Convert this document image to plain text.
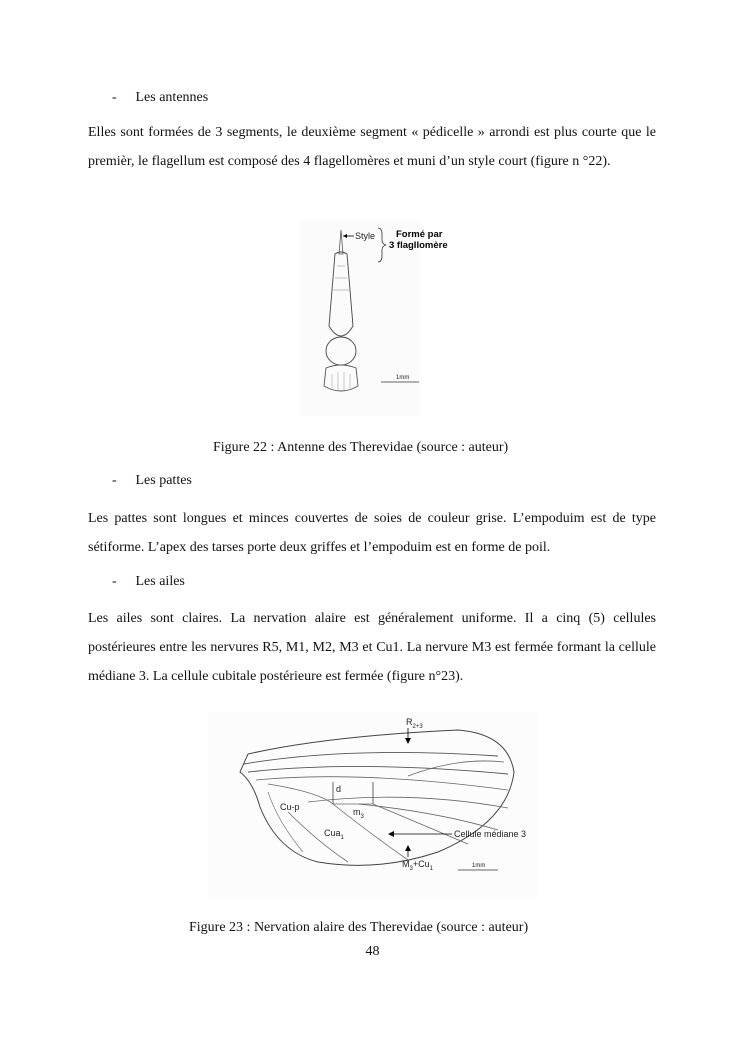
- Les antennes
Elles sont formées de 3 segments, le deuxième segment « pédicelle » arrondi est plus courte que le premièr, le flagellum est composé des 4 flagellomères et muni d’un style court (figure n °22).
Style Formé par
3 flagllomère
1mm
Figure 22 : Antenne des Therevidae (source : auteur)
- Les pattes
Les pattes sont longues et minces couvertes de soies de couleur grise. L’empoduim est de type sétiforme. L’apex des tarses porte deux griffes et l’empoduim est en forme de poil.
- Les ailes
Les ailes sont claires. La nervation alaire est généralement uniforme. Il a cinq (5) cellules postérieures entre les nervures R5, M1, M2, M3 et Cu1. La nervure M3 est fermée formant la cellule médiane 3. La cellule cubitale postérieure est fermée (figure n°23).
$R_{2+3}$
d
Cu-p	$m_3$
Cua$_1$	Cellule médiane 3
$M_3+Cu_1$	1mm
Figure 23 : Nervation alaire des Therevidae (source : auteur)
48
